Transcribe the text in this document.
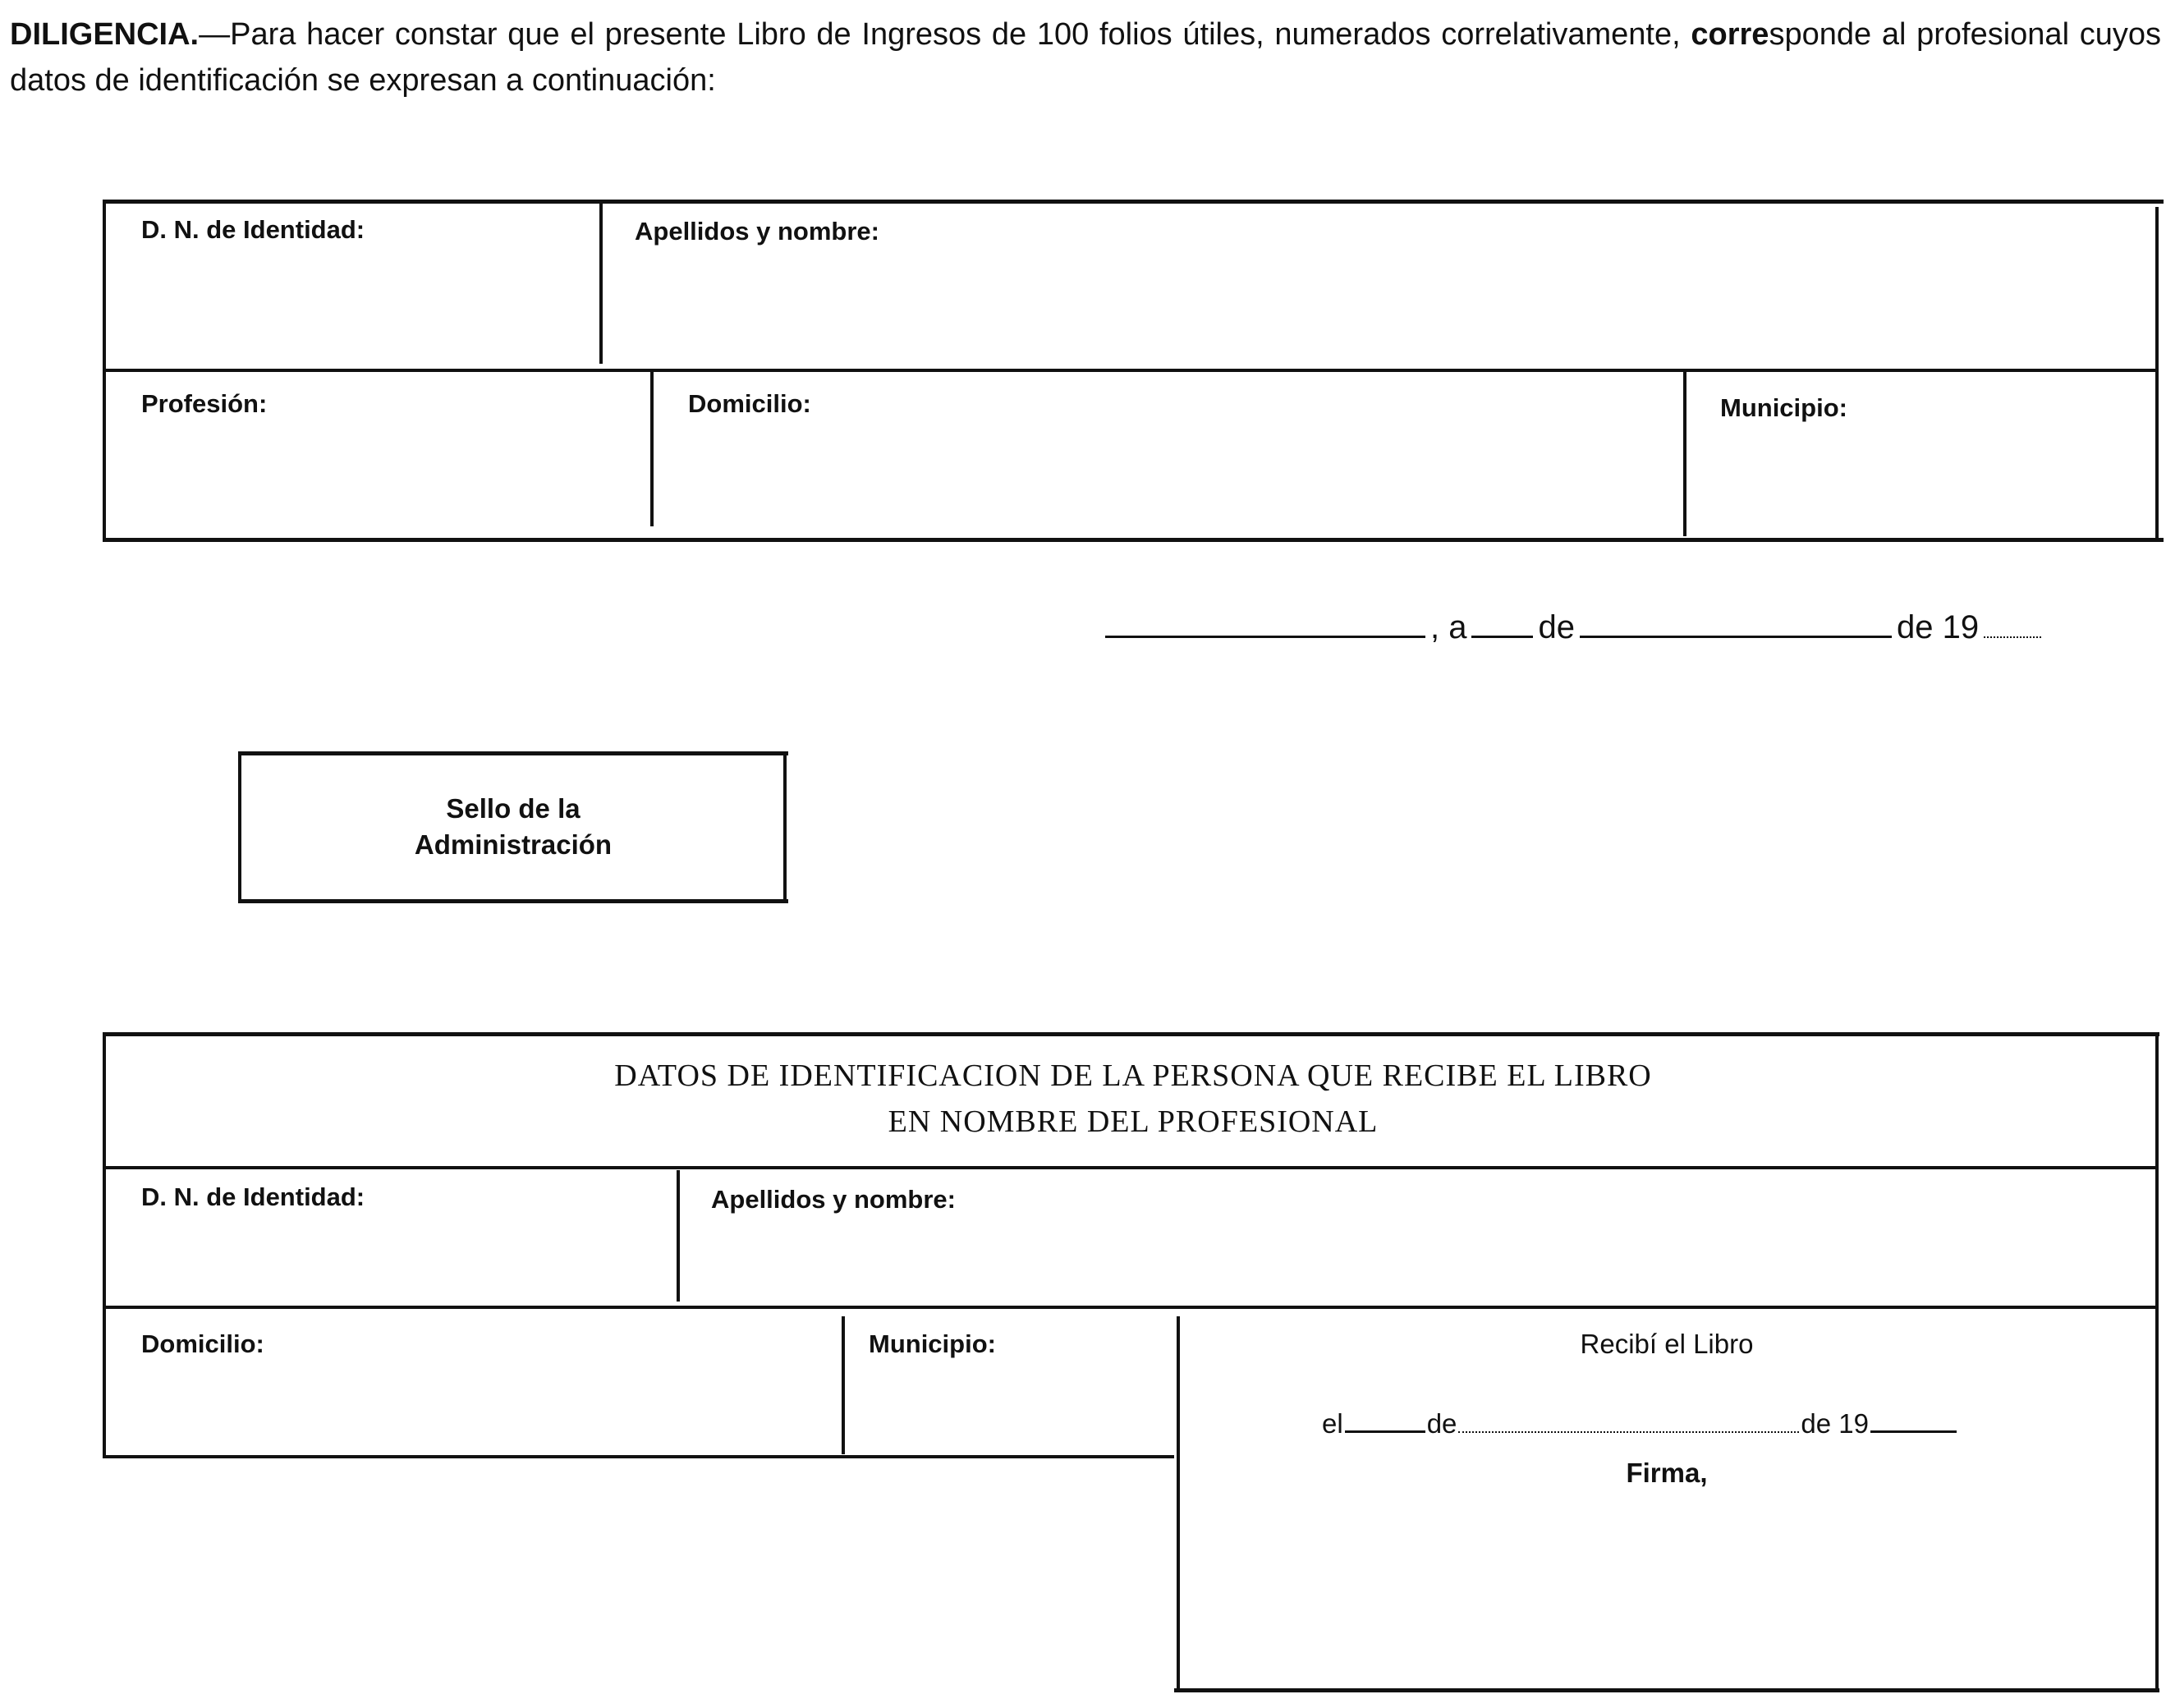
DILIGENCIA.—Para hacer constar que el presente Libro de Ingresos de 100 folios útiles, numerados correlativamente, corresponde al profesional cuyos datos de identificación se expresan a continuación:
D. N. de Identidad:	Apellidos y nombre:
Profesión:	Domicilio:	Municipio:
, a de	de 19
Sello de la
Administración
DATOS DE IDENTIFICACION DE LA PERSONA QUE RECIBE EL LIBRO
EN NOMBRE DEL PROFESIONAL
D. N. de Identidad:	Apellidos y nombre:
Domicilio:	Municipio:	Recibí el Libro
el	de	de 19
Firma,
